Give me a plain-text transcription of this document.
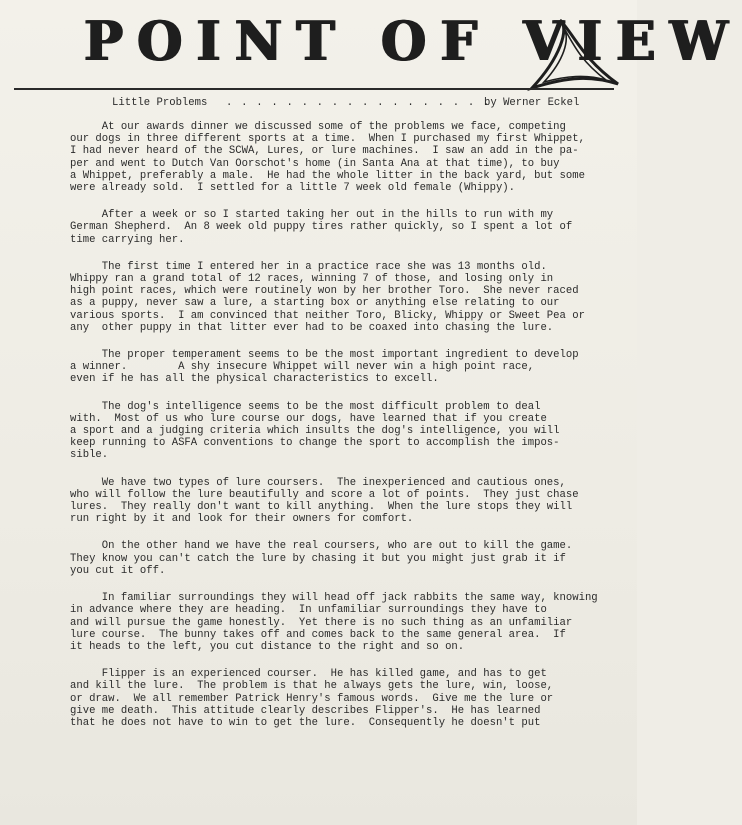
POINT OF VIEW
Little Problems . . . . . . . . . . . . . . . . . .
by Werner Eckel
At our awards dinner we discussed some of the problems we face, competing
our dogs in three different sports at a time.  When I purchased my first Whippet,
I had never heard of the SCWA, Lures, or lure machines.  I saw an add in the pa-
per and went to Dutch Van Oorschot's home (in Santa Ana at that time), to buy
a Whippet, preferably a male.  He had the whole litter in the back yard, but some
were already sold.  I settled for a little 7 week old female (Whippy).
After a week or so I started taking her out in the hills to run with my
German Shepherd.  An 8 week old puppy tires rather quickly, so I spent a lot of
time carrying her.
The first time I entered her in a practice race she was 13 months old.
Whippy ran a grand total of 12 races, winning 7 of those, and losing only in
high point races, which were routinely won by her brother Toro.  She never raced
as a puppy, never saw a lure, a starting box or anything else relating to our
various sports.  I am convinced that neither Toro, Blicky, Whippy or Sweet Pea or
any  other puppy in that litter ever had to be coaxed into chasing the lure.
The proper temperament seems to be the most important ingredient to develop
a winner.        A shy insecure Whippet will never win a high point race,
even if he has all the physical characteristics to excell.
The dog's intelligence seems to be the most difficult problem to deal
with.  Most of us who lure course our dogs, have learned that if you create
a sport and a judging criteria which insults the dog's intelligence, you will
keep running to ASFA conventions to change the sport to accomplish the impos-
sible.
We have two types of lure coursers.  The inexperienced and cautious ones,
who will follow the lure beautifully and score a lot of points.  They just chase
lures.  They really don't want to kill anything.  When the lure stops they will
run right by it and look for their owners for comfort.
On the other hand we have the real coursers, who are out to kill the game.
They know you can't catch the lure by chasing it but you might just grab it if
you cut it off.
In familiar surroundings they will head off jack rabbits the same way, knowing
in advance where they are heading.  In unfamiliar surroundings they have to
and will pursue the game honestly.  Yet there is no such thing as an unfamiliar
lure course.  The bunny takes off and comes back to the same general area.  If
it heads to the left, you cut distance to the right and so on.
Flipper is an experienced courser.  He has killed game, and has to get
and kill the lure.  The problem is that he always gets the lure, win, loose,
or draw.  We all remember Patrick Henry's famous words.  Give me the lure or
give me death.  This attitude clearly describes Flipper's.  He has learned
that he does not have to win to get the lure.  Consequently he doesn't put
